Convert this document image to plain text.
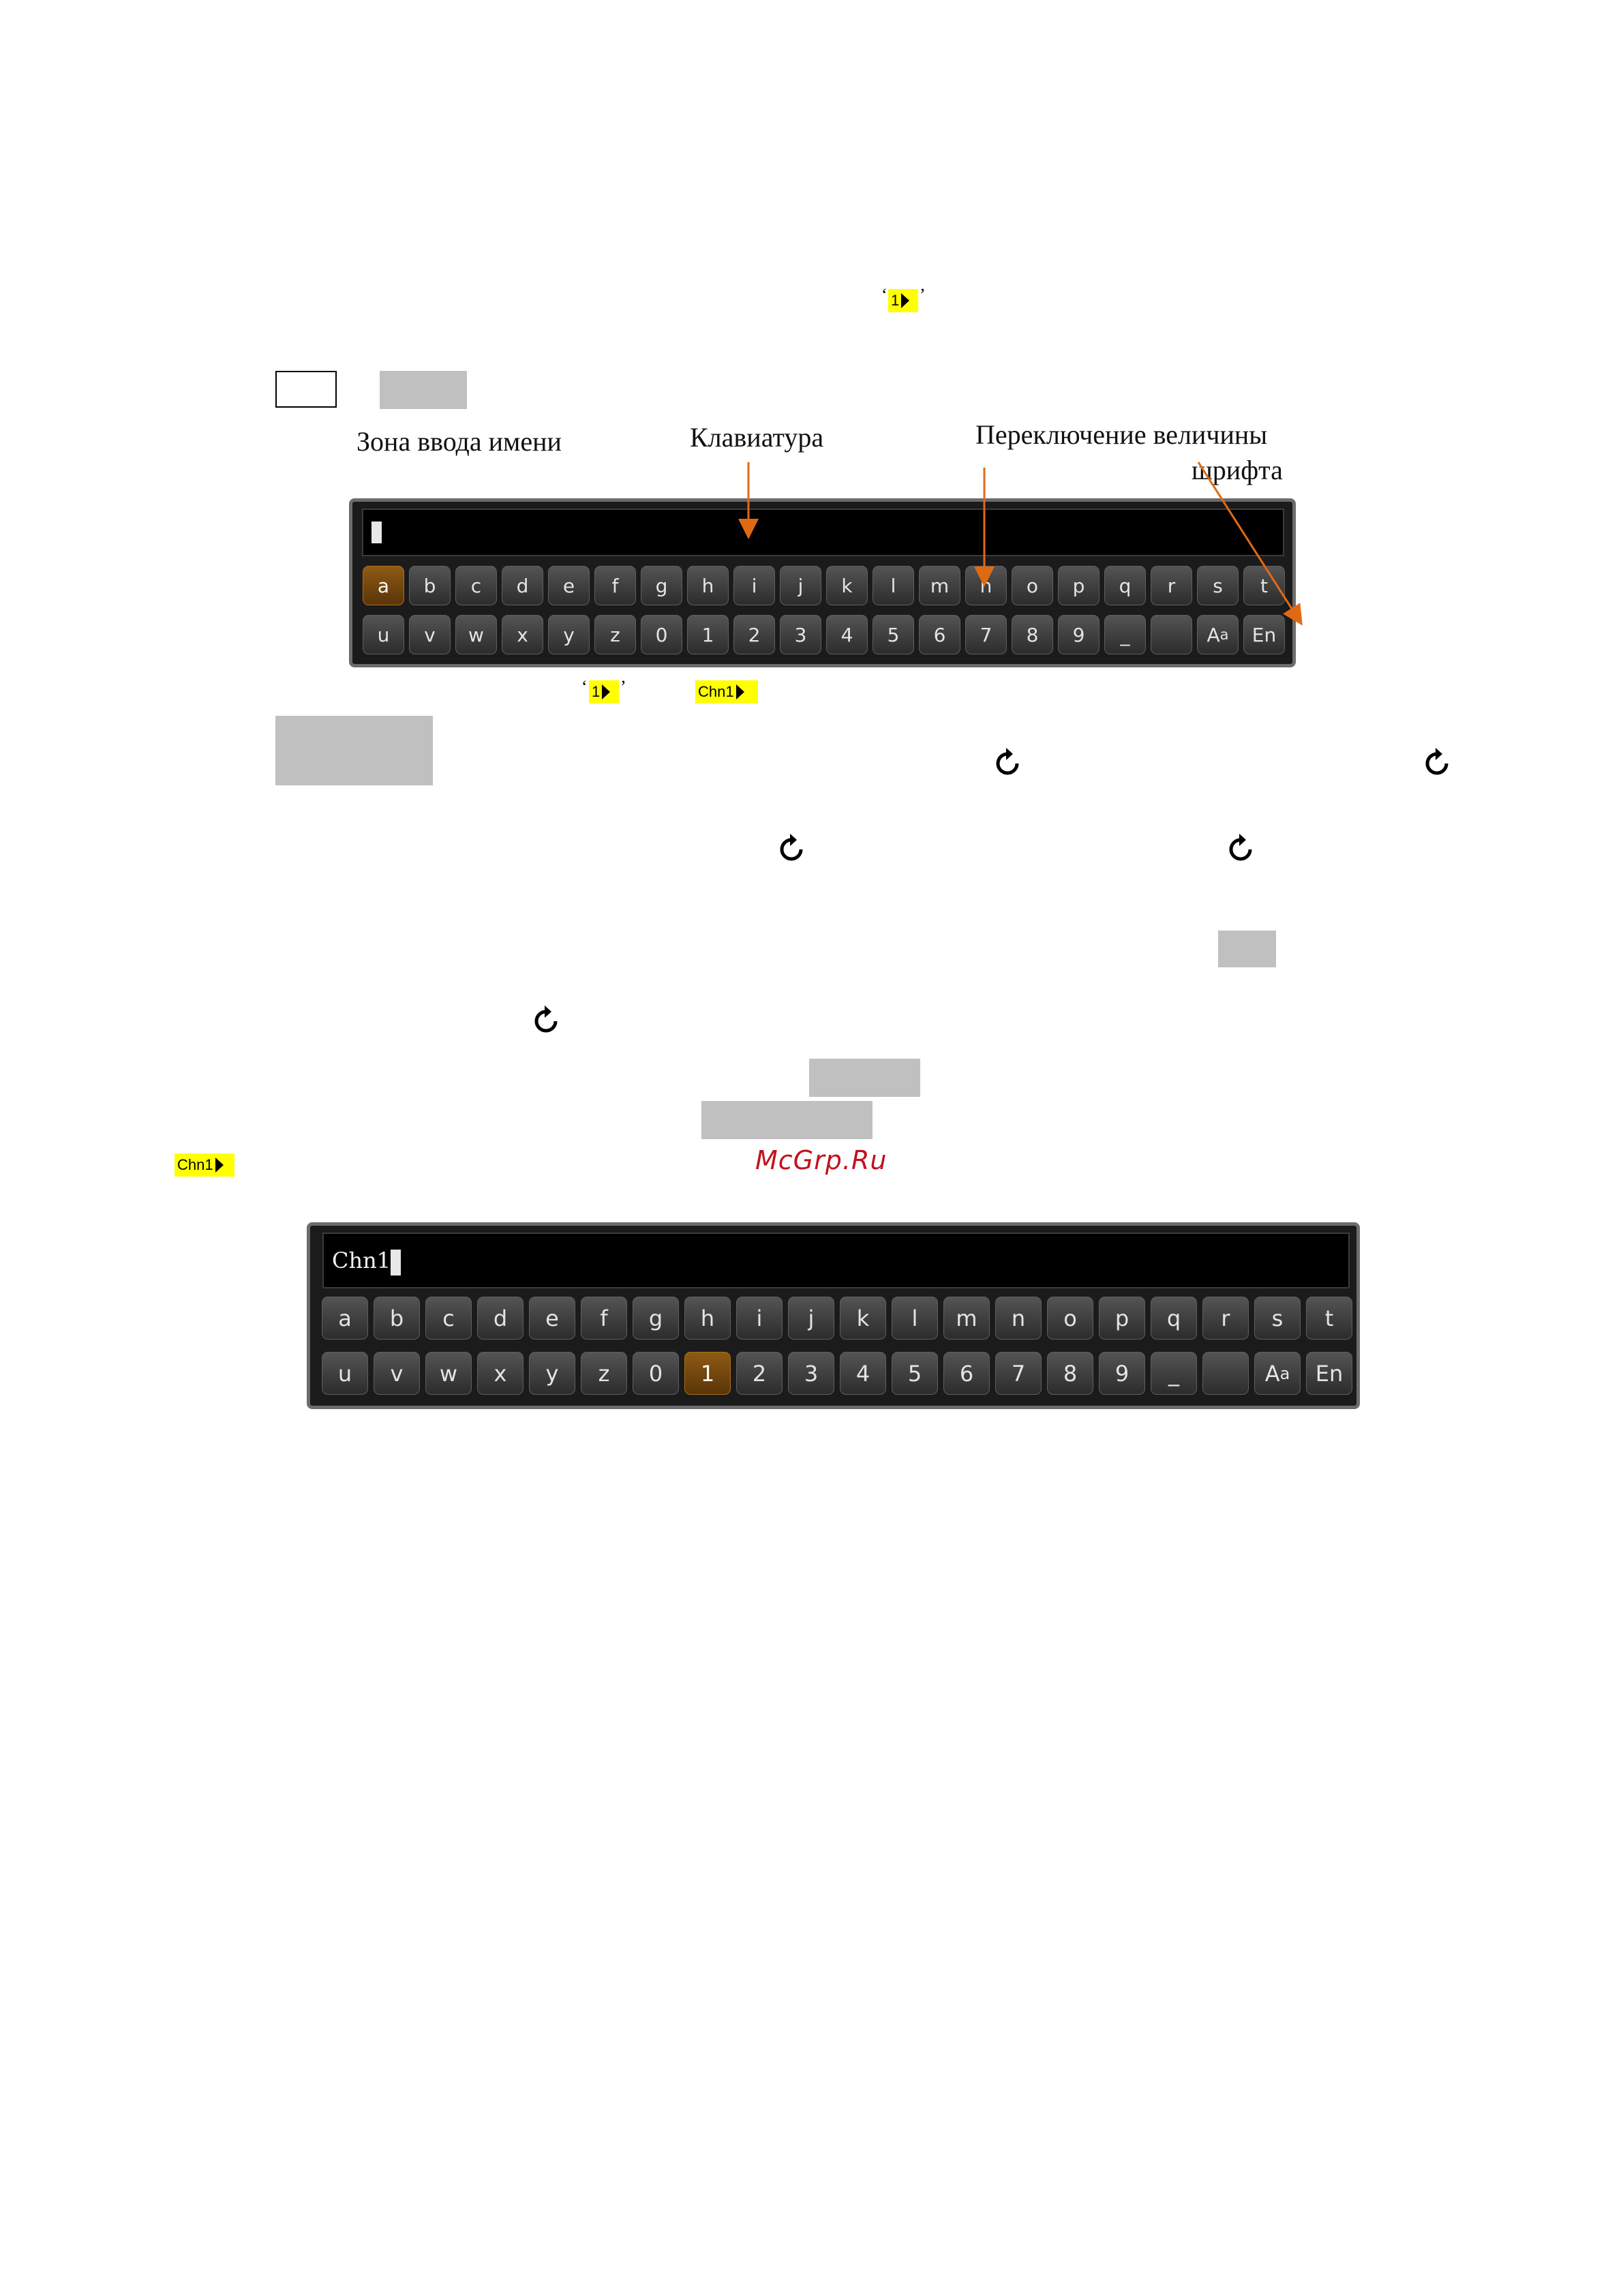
‘ 1 ’
Зона ввода имени	Клавиатура	Переключение величины
шрифта
a	b	c	d	e	f	g	h	i	j	k	l	m	n	o	p	q	r	s	t
u	v	w	x	y	z	0	1	2	3	4	5	6	7	8	9	_	A a	En
‘ 1 ’	Chn1
Chn1	McGrp.Ru
Chn1
a	b	c	d	e	f	g	h	i	j	k	l	m	n	o	p	q	r	s	t
u	v	w	x	y	z	0	1	2	3	4	5	6	7	8	9	_	A a	En
